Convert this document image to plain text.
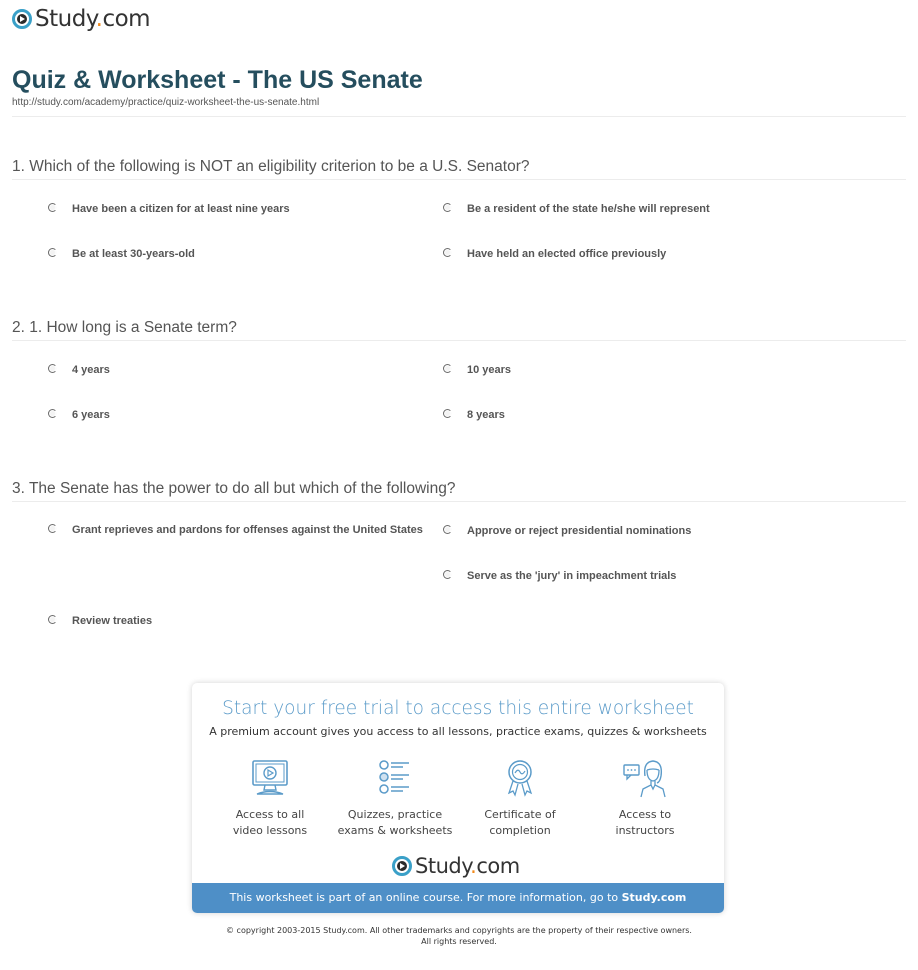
Study.com
Quiz & Worksheet - The US Senate
http://study.com/academy/practice/quiz-worksheet-the-us-senate.html
1. Which of the following is NOT an eligibility criterion to be a U.S. Senator?
Have been a citizen for at least nine years	Be a resident of the state he/she will represent
Be at least 30-years-old	Have held an elected office previously
2. 1. How long is a Senate term?
4 years	10 years
6 years	8 years
3. The Senate has the power to do all but which of the following?
Grant reprieves and pardons for offenses against the United States	Approve or reject presidential nominations
Serve as the 'jury' in impeachment trials
Review treaties
Start your free trial to access this entire worksheet
A premium account gives you access to all lessons, practice exams, quizzes & worksheets
Access to all
video lessons
Quizzes, practice
exams & worksheets
Certificate of
completion
Access to
instructors
Study.com
This worksheet is part of an online course. For more information, go to Study.com
© copyright 2003-2015 Study.com. All other trademarks and copyrights are the property of their respective owners.
All rights reserved.
